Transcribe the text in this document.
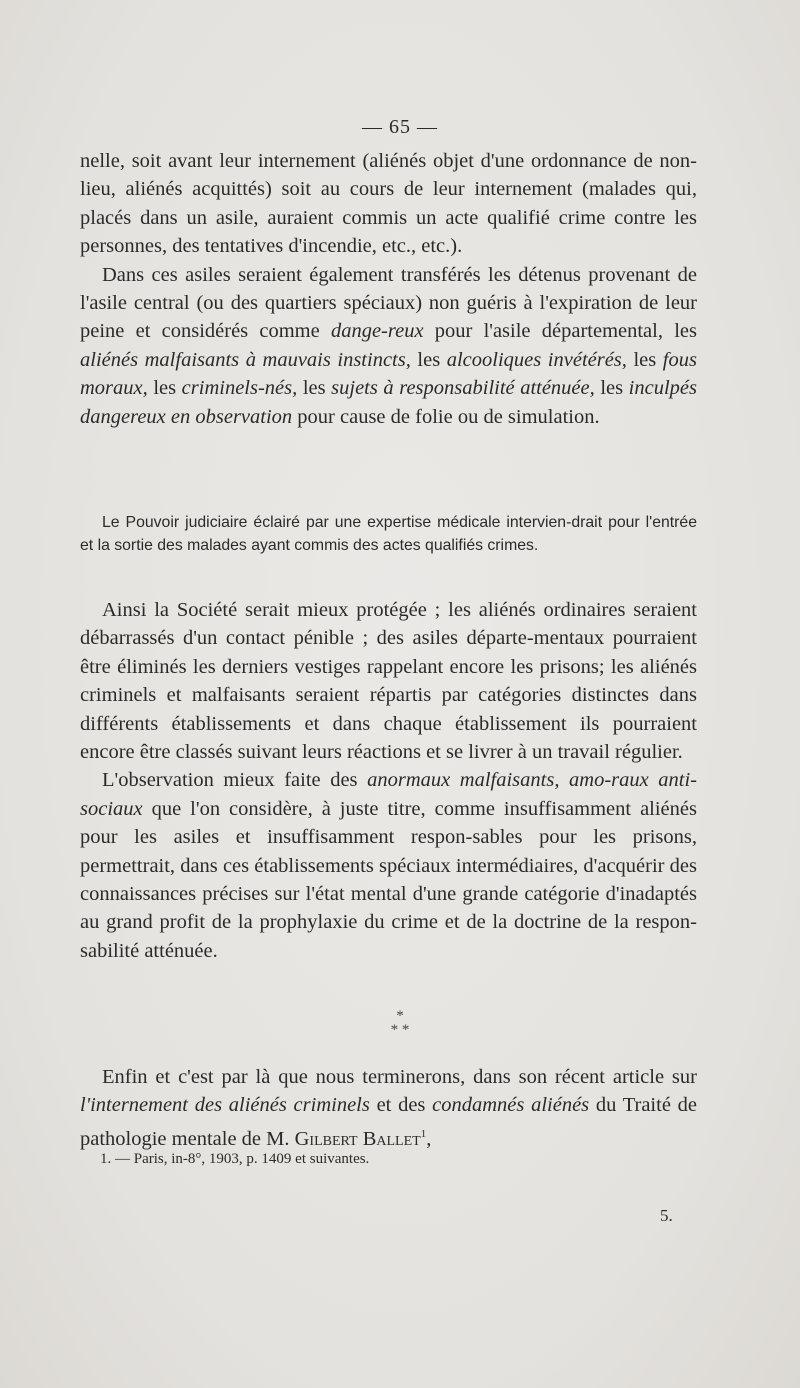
— 65 —

nelle, soit avant leur internement (aliénés objet d'une ordonnance de non-lieu, aliénés acquittés) soit au cours de leur internement (malades qui, placés dans un asile, auraient commis un acte qualifié crime contre les personnes, des tentatives d'incendie, etc., etc.).

Dans ces asiles seraient également transférés les détenus provenant de l'asile central (ou des quartiers spéciaux) non guéris à l'expiration de leur peine et considérés comme dange-reux pour l'asile départemental, les aliénés malfaisants à mauvais instincts, les alcooliques invétérés, les fous moraux, les criminels-nés, les sujets à responsabilité atténuée, les inculpés dangereux en observation pour cause de folie ou de simulation.

Le Pouvoir judiciaire éclairé par une expertise médicale intervien-drait pour l'entrée et la sortie des malades ayant commis des actes qualifiés crimes.

Ainsi la Société serait mieux protégée ; les aliénés ordinaires seraient débarrassés d'un contact pénible ; des asiles départe-mentaux pourraient être éliminés les derniers vestiges rappelant encore les prisons; les aliénés criminels et malfaisants seraient répartis par catégories distinctes dans différents établissements et dans chaque établissement ils pourraient encore être classés suivant leurs réactions et se livrer à un travail régulier.

L'observation mieux faite des anormaux malfaisants, amo-raux anti-sociaux que l'on considère, à juste titre, comme insuffisamment aliénés pour les asiles et insuffisamment respon-sables pour les prisons, permettrait, dans ces établissements spéciaux intermédiaires, d'acquérir des connaissances précises sur l'état mental d'une grande catégorie d'inadaptés au grand profit de la prophylaxie du crime et de la doctrine de la respon-sabilité atténuée.

*
* *

Enfin et c'est par là que nous terminerons, dans son récent article sur l'internement des aliénés criminels et des condamnés aliénés du Traité de pathologie mentale de M. Gilbert Ballet$^1$,

1. — Paris, in-8°, 1903, p. 1409 et suivantes.
5.
